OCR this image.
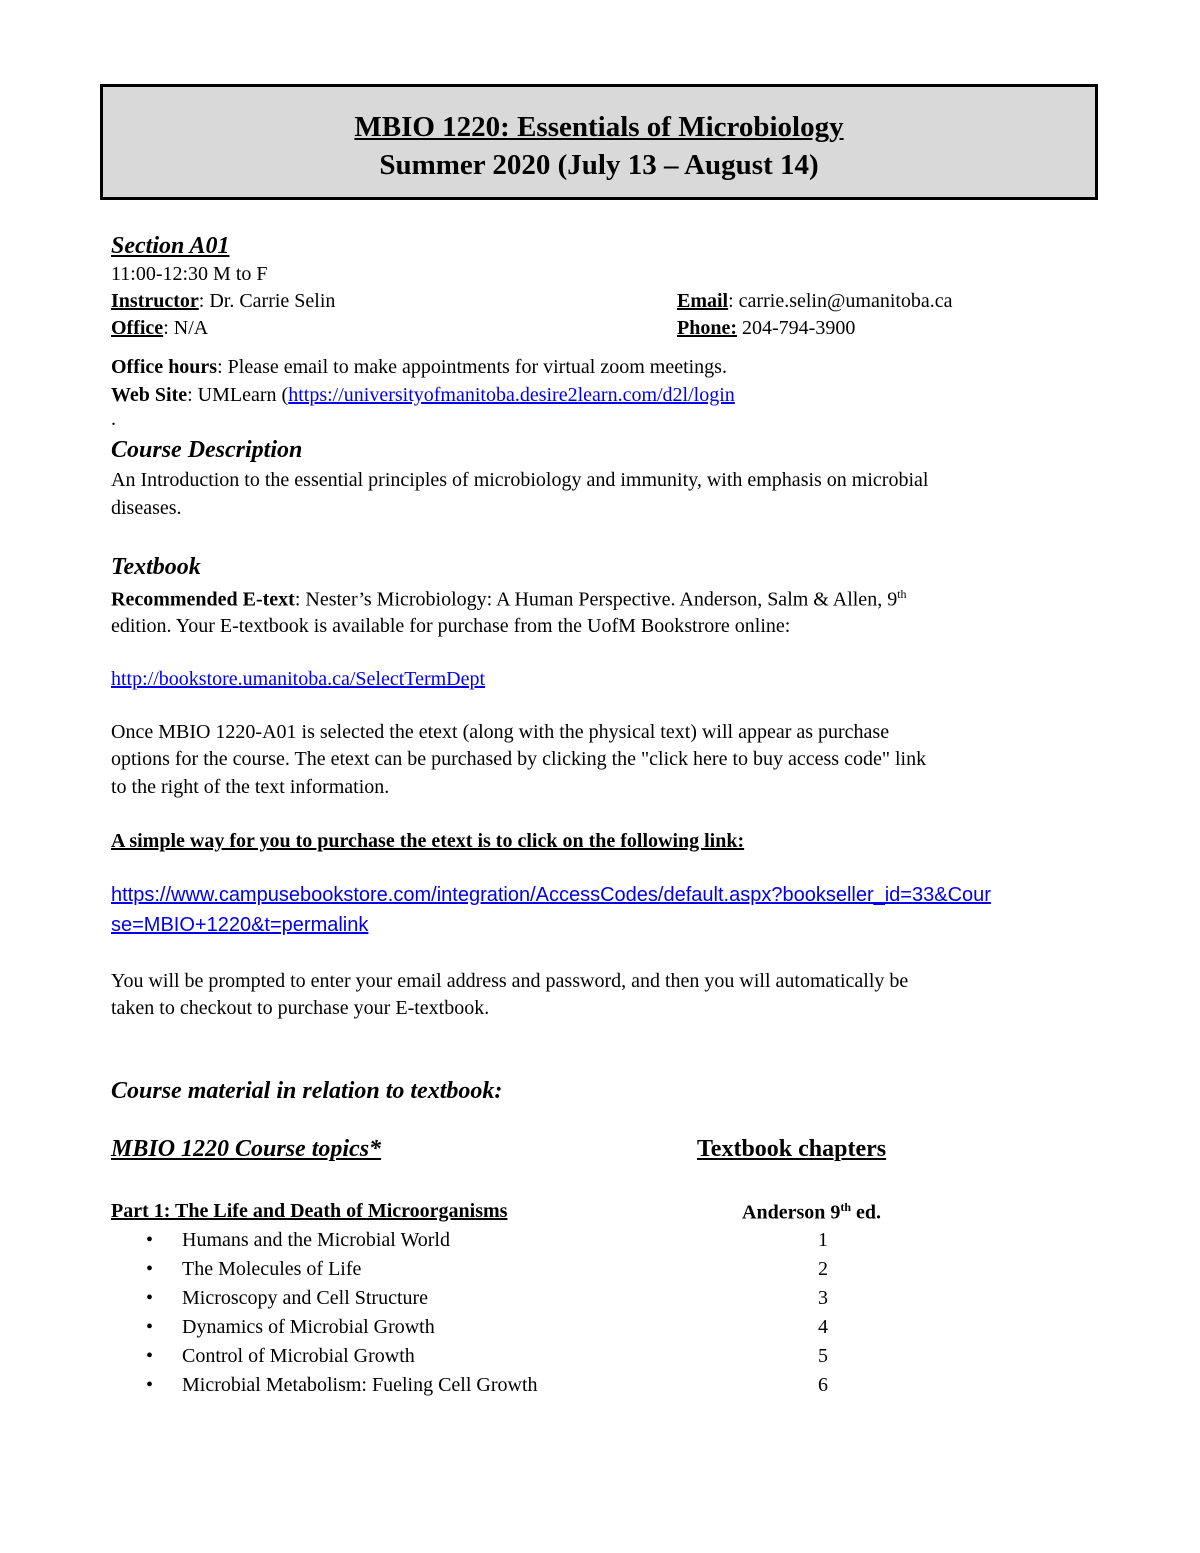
MBIO 1220: Essentials of Microbiology
Summer 2020 (July 13 – August 14)
Section A01
11:00-12:30 M to F
Instructor: Dr. Carrie Selin	Email: carrie.selin@umanitoba.ca
Office: N/A	Phone: 204-794-3900
Office hours: Please email to make appointments for virtual zoom meetings.
Web Site: UMLearn (https://universityofmanitoba.desire2learn.com/d2l/login
.
Course Description
An Introduction to the essential principles of microbiology and immunity, with emphasis on microbial
diseases.
Textbook
Recommended E-text: Nester’s Microbiology: A Human Perspective. Anderson, Salm & Allen, 9th
edition. Your E-textbook is available for purchase from the UofM Bookstrore online:
http://bookstore.umanitoba.ca/SelectTermDept
Once MBIO 1220-A01 is selected the etext (along with the physical text) will appear as purchase
options for the course. The etext can be purchased by clicking the "click here to buy access code" link
to the right of the text information.
A simple way for you to purchase the etext is to click on the following link:
https://www.campusebookstore.com/integration/AccessCodes/default.aspx?bookseller_id=33&Cour
se=MBIO+1220&t=permalink
You will be prompted to enter your email address and password, and then you will automatically be
taken to checkout to purchase your E-textbook.
Course material in relation to textbook:
MBIO 1220 Course topics*	Textbook chapters
Part 1: The Life and Death of Microorganisms	Anderson 9th ed.
• Humans and the Microbial World	1
• The Molecules of Life	2
• Microscopy and Cell Structure	3
• Dynamics of Microbial Growth	4
• Control of Microbial Growth	5
• Microbial Metabolism: Fueling Cell Growth	6
